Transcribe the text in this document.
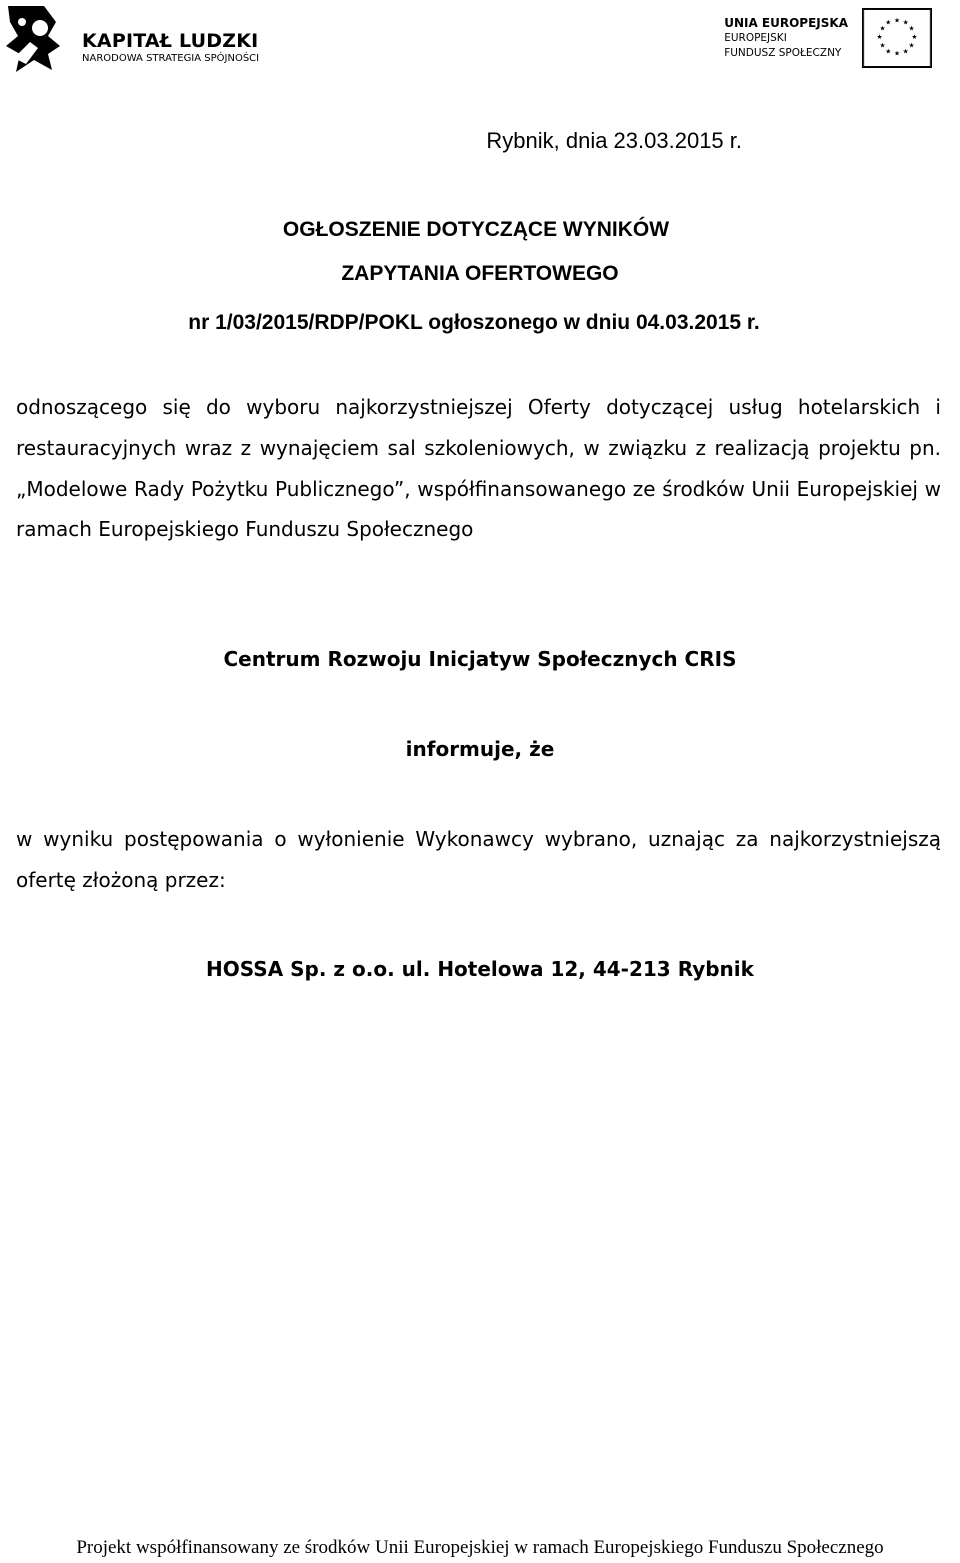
KAPITAŁ LUDZKI
NARODOWA STRATEGIA SPÓJNOŚCI
UNIA EUROPEJSKA
EUROPEJSKI
FUNDUSZ SPOŁECZNY
★ ★
★
★
★
★
★
★
★
★
★
★
Rybnik, dnia 23.03.2015 r.
OGŁOSZENIE DOTYCZĄCE WYNIKÓW
ZAPYTANIA OFERTOWEGO
nr 1/03/2015/RDP/POKL ogłoszonego w dniu 04.03.2015 r.
odnoszącego się do wyboru najkorzystniejszej Oferty dotyczącej usług hotelarskich i restauracyjnych wraz z wynajęciem sal szkoleniowych, w związku z realizacją projektu pn. „Modelowe Rady Pożytku Publicznego”, współfinansowanego ze środków Unii Europejskiej w ramach Europejskiego Funduszu Społecznego
Centrum Rozwoju Inicjatyw Społecznych CRIS
informuje, że
w wyniku postępowania o wyłonienie Wykonawcy wybrano, uznając za najkorzystniejszą ofertę złożoną przez:
HOSSA Sp. z o.o. ul. Hotelowa 12, 44-213 Rybnik
Projekt współfinansowany ze środków Unii Europejskiej w ramach Europejskiego Funduszu Społecznego
